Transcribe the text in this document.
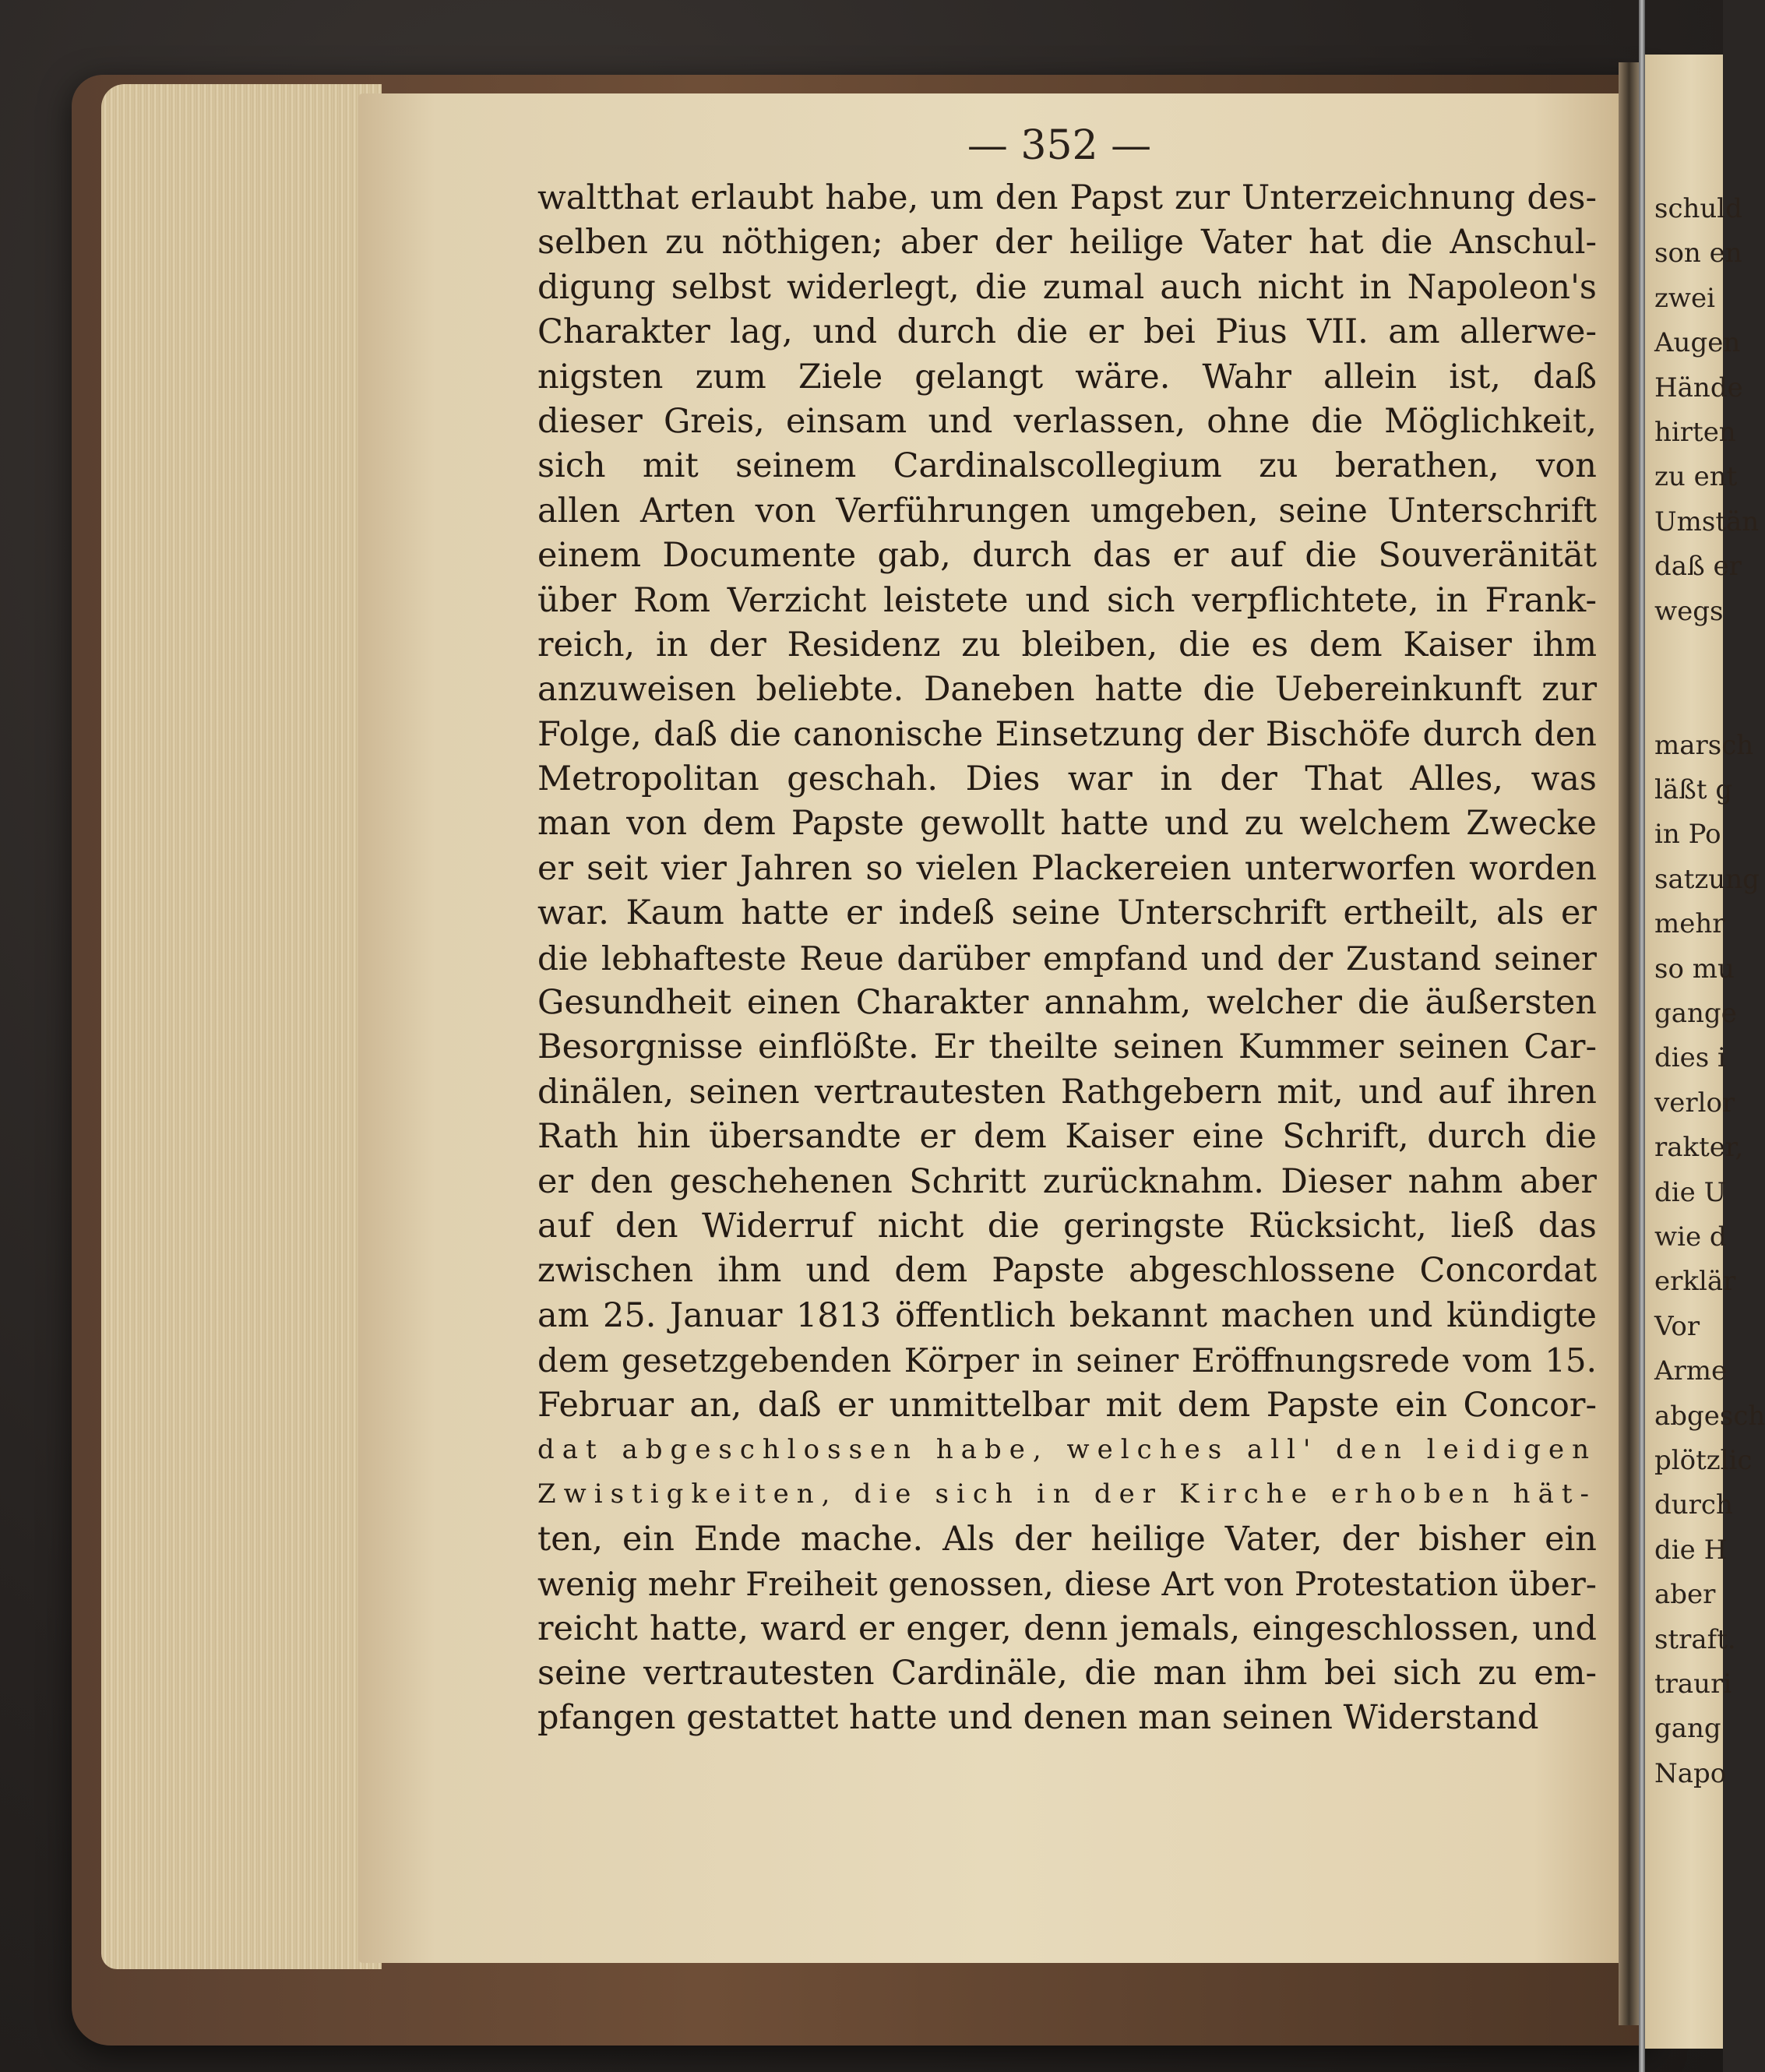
— 352 —
waltthat erlaubt habe, um den Papst zur Unterzeichnung des-
selben zu nöthigen; aber der heilige Vater hat die Anschul-
digung selbst widerlegt, die zumal auch nicht in Napoleon's
Charakter lag, und durch die er bei Pius VII. am allerwe-
nigsten zum Ziele gelangt wäre. Wahr allein ist, daß
dieser Greis, einsam und verlassen, ohne die Möglichkeit,
sich mit seinem Cardinalscollegium zu berathen, von
allen Arten von Verführungen umgeben, seine Unterschrift
einem Documente gab, durch das er auf die Souveränität
über Rom Verzicht leistete und sich verpflichtete, in Frank-
reich, in der Residenz zu bleiben, die es dem Kaiser ihm
anzuweisen beliebte. Daneben hatte die Uebereinkunft zur
Folge, daß die canonische Einsetzung der Bischöfe durch den
Metropolitan geschah. Dies war in der That Alles, was
man von dem Papste gewollt hatte und zu welchem Zwecke
er seit vier Jahren so vielen Plackereien unterworfen worden
war. Kaum hatte er indeß seine Unterschrift ertheilt, als er
die lebhafteste Reue darüber empfand und der Zustand seiner
Gesundheit einen Charakter annahm, welcher die äußersten
Besorgnisse einflößte. Er theilte seinen Kummer seinen Car-
dinälen, seinen vertrautesten Rathgebern mit, und auf ihren
Rath hin übersandte er dem Kaiser eine Schrift, durch die
er den geschehenen Schritt zurücknahm. Dieser nahm aber
auf den Widerruf nicht die geringste Rücksicht, ließ das
zwischen ihm und dem Papste abgeschlossene Concordat
am 25. Januar 1813 öffentlich bekannt machen und kündigte
dem gesetzgebenden Körper in seiner Eröffnungsrede vom 15.
Februar an, daß er unmittelbar mit dem Papste ein Concor-
dat abgeschlossen habe, welches all' den leidigen
Zwistigkeiten, die sich in der Kirche erhoben hät-
ten, ein Ende mache. Als der heilige Vater, der bisher ein
wenig mehr Freiheit genossen, diese Art von Protestation über-
reicht hatte, ward er enger, denn jemals, eingeschlossen, und
seine vertrautesten Cardinäle, die man ihm bei sich zu em-
pfangen gestattet hatte und denen man seinen Widerstand
schuld
son en
zwei
Augen
Hände
hirten
zu ent
Umstän
daß er
wegs
marsch
läßt g
in Po
satzung
mehr
so mu
gange
dies i
verlor
rakter,
die U
wie d
erklär
Vor
Arme
abgesch
plötzlic
durch
die H
aber
straft.
trauri
gang
Napo
